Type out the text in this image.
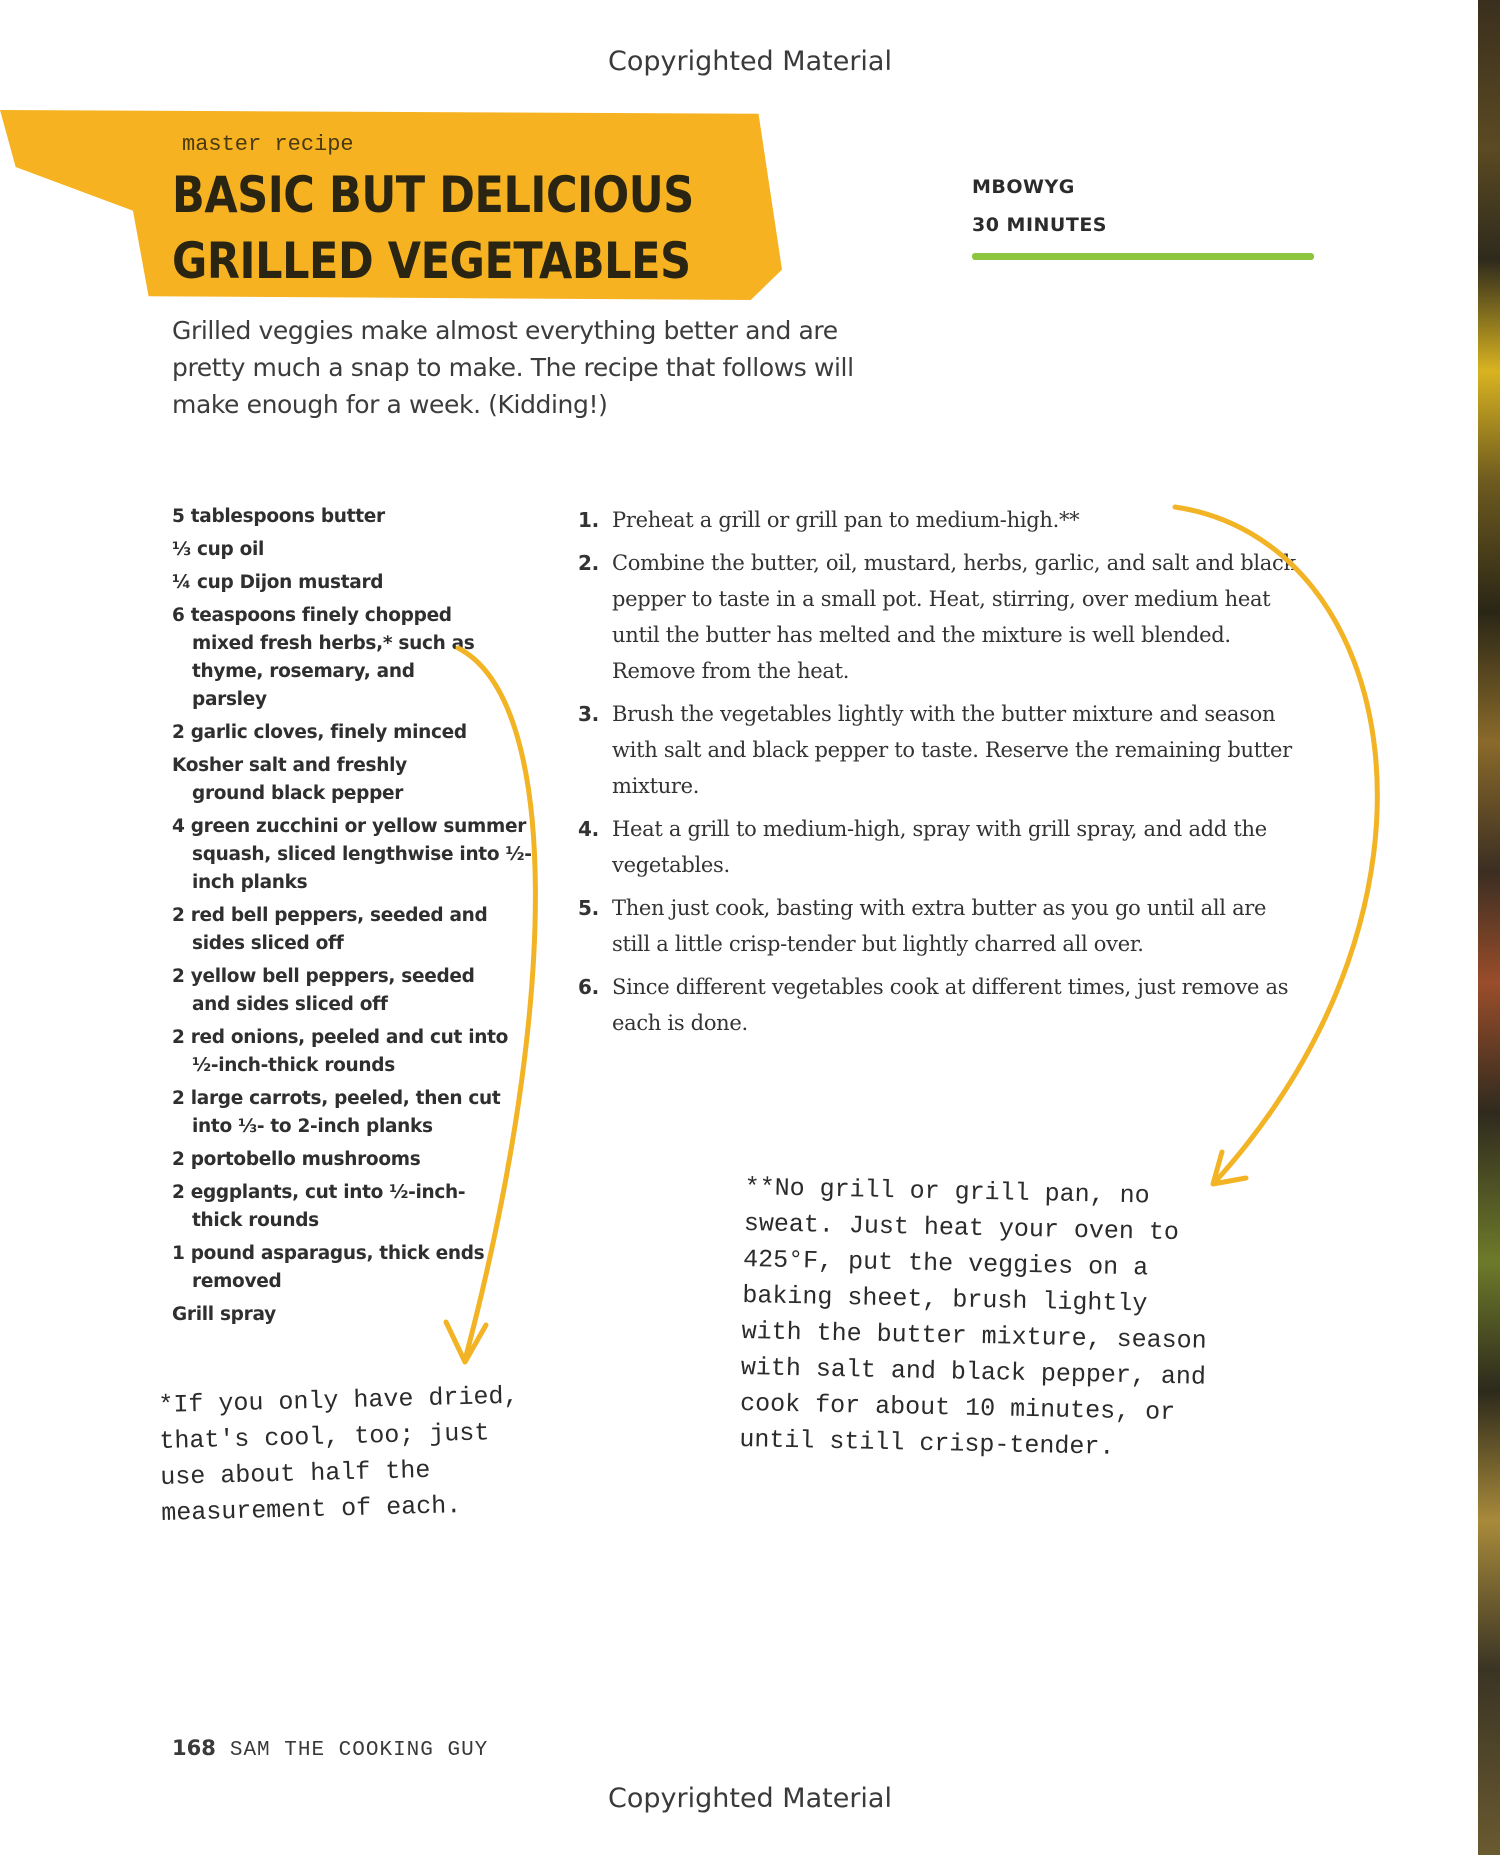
Copyrighted Material
master recipe
BASIC BUT DELICIOUS
GRILLED VEGETABLES
MBOWYG
30 MINUTES
Grilled veggies make almost everything better and are pretty much a snap to make. The recipe that follows will make enough for a week. (Kidding!)
5 tablespoons butter
⅓ cup oil
¼ cup Dijon mustard
6 teaspoons finely chopped mixed fresh herbs,* such as thyme, rosemary, and parsley
2 garlic cloves, finely minced
Kosher salt and freshly ground black pepper
4 green zucchini or yellow summer squash, sliced lengthwise into ½-inch planks
2 red bell peppers, seeded and sides sliced off
2 yellow bell peppers, seeded and sides sliced off
2 red onions, peeled and cut into ½-inch-thick rounds
2 large carrots, peeled, then cut into ⅓- to 2-inch planks
2 portobello mushrooms
2 eggplants, cut into ½-inch-thick rounds
1 pound asparagus, thick ends removed
Grill spray
1. Preheat a grill or grill pan to medium-high.**
2. Combine the butter, oil, mustard, herbs, garlic, and salt and black pepper to taste in a small pot. Heat, stirring, over medium heat until the butter has melted and the mixture is well blended. Remove from the heat.
3. Brush the vegetables lightly with the butter mixture and season with salt and black pepper to taste. Reserve the remaining butter mixture.
4. Heat a grill to medium-high, spray with grill spray, and add the vegetables.
5. Then just cook, basting with extra butter as you go until all are still a little crisp-tender but lightly charred all over.
6. Since different vegetables cook at different times, just remove as each is done.
*If you only have dried,
that's cool, too; just
use about half the
measurement of each.
**No grill or grill pan, no
sweat. Just heat your oven to
425°F, put the veggies on a
baking sheet, brush lightly
with the butter mixture, season
with salt and black pepper, and
cook for about 10 minutes, or
until still crisp-tender.
168 SAM THE COOKING GUY
Copyrighted Material
